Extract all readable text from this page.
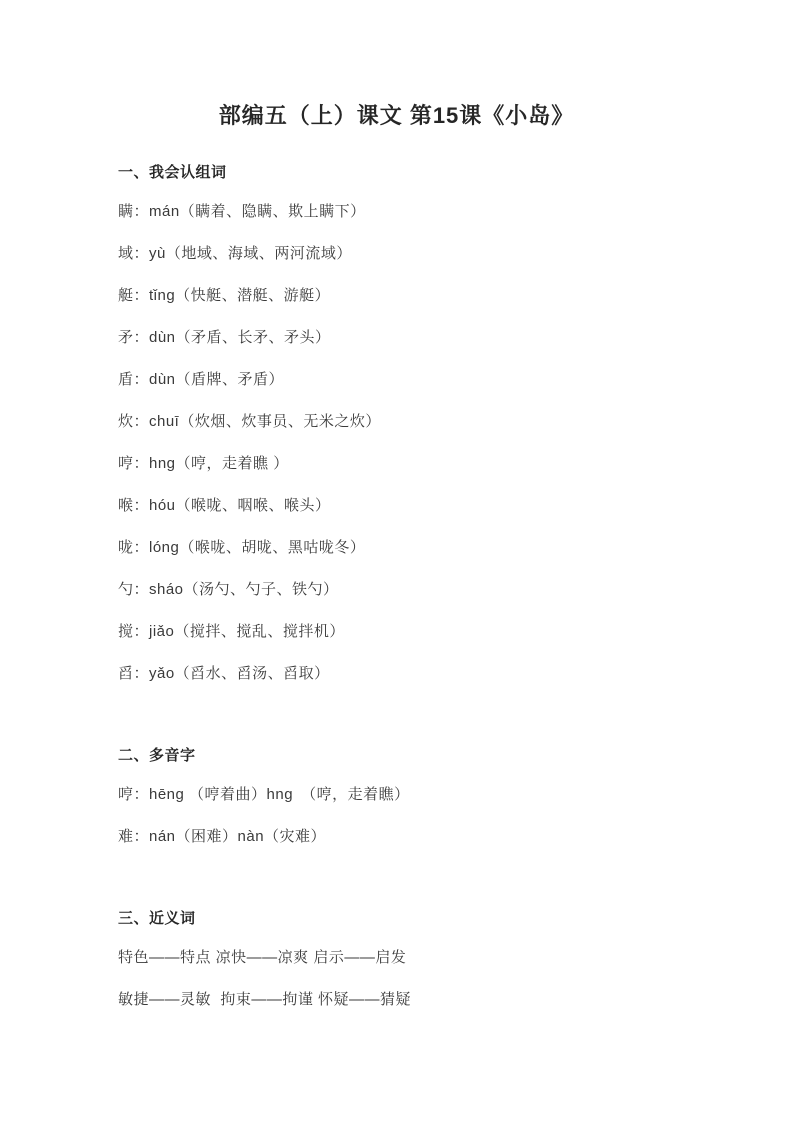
部编五（上）课文 第15课《小岛》
一、我会认组词

瞒：mán（瞒着、隐瞒、欺上瞒下）

域：yù（地域、海域、两河流域）

艇：tǐng（快艇、潜艇、游艇）

矛：dùn（矛盾、长矛、矛头）

盾：dùn（盾牌、矛盾）

炊：chuī（炊烟、炊事员、无米之炊）

哼：hng（哼，走着瞧 ）

喉：hóu（喉咙、咽喉、喉头）

咙：lóng（喉咙、胡咙、黑咕咙冬）

勺：sháo（汤勺、勺子、铁勺）

搅：jiǎo（搅拌、搅乱、搅拌机）

舀：yǎo（舀水、舀汤、舀取）

二、多音字

哼：hēng （哼着曲）hng　（哼，走着瞧）

难：nán（困难）nàn（灾难）

三、近义词

特色——特点 凉快——凉爽 启示——启发

敏捷——灵敏  拘束——拘谨 怀疑——猜疑
